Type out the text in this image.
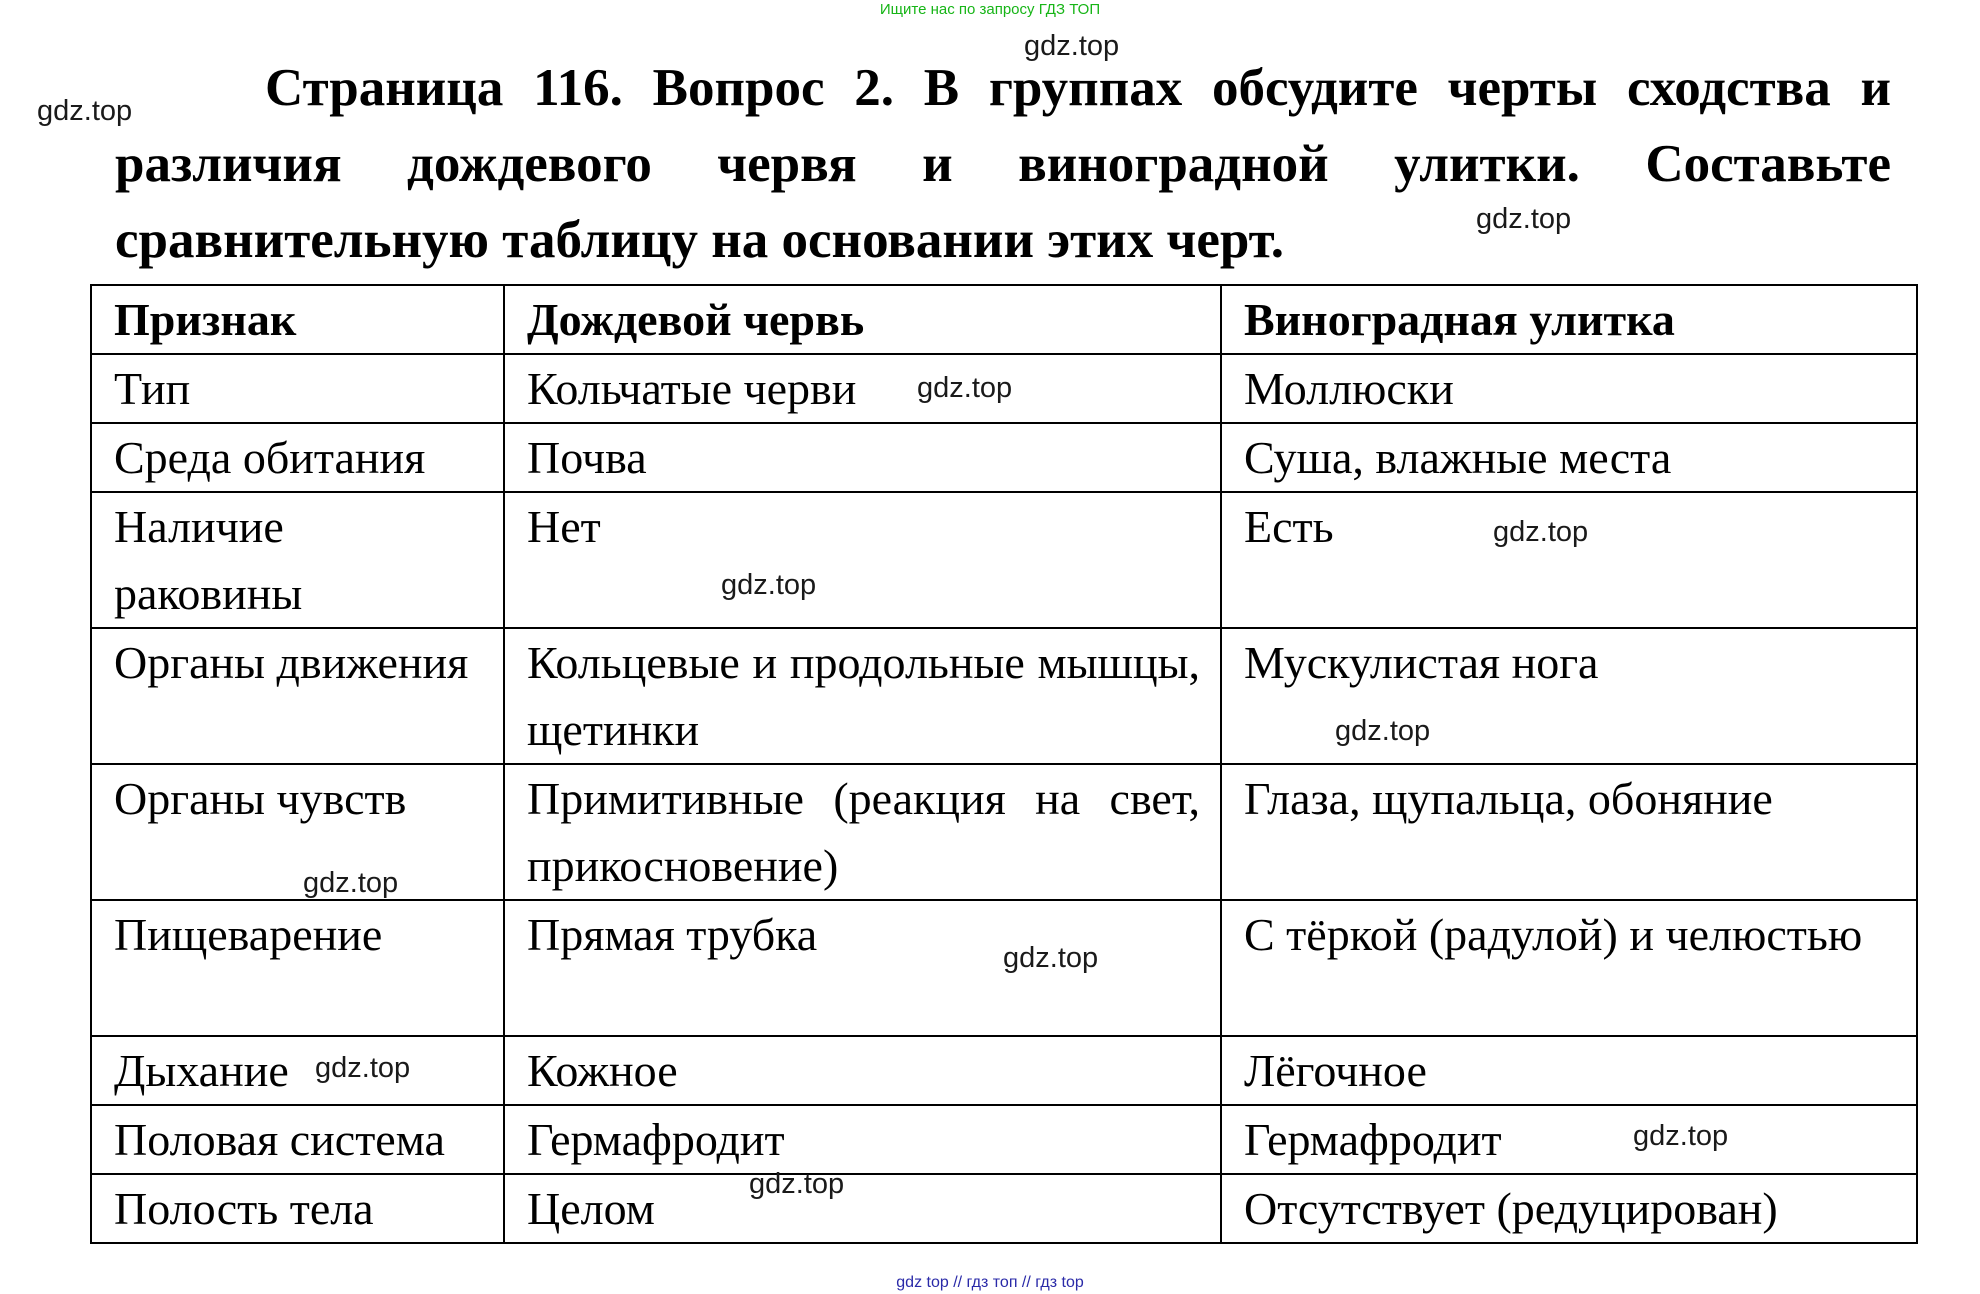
Ищите нас по запросу ГДЗ ТОП
Страница 116. Вопрос 2. В группах обсудите черты сходства и различия дождевого червя и виноградной улитки. Составьте сравнительную таблицу на основании этих черт.
Признак	Дождевой червь	Виноградная улитка
Тип	Кольчатые черви	Моллюски
Среда обитания	Почва	Суша, влажные места
Наличие раковины	Нет	Есть
Органы движения	Кольцевые и продольные мышцы, щетинки	Мускулистая нога
Органы чувств	Примитивные (реакция на свет, прикосновение)	Глаза, щупальца, обоняние
Пищеварение	Прямая трубка	С тёркой (радулой) и челюстью
Дыхание	Кожное	Лёгочное
Половая система	Гермафродит	Гермафродит
Полость тела	Целом	Отсутствует (редуцирован)
gdz.top
gdz.top
gdz.top
gdz.top
gdz.top
gdz.top
gdz.top
gdz.top
gdz.top
gdz.top
gdz.top
gdz.top
gdz top // гдз топ // гдз top
